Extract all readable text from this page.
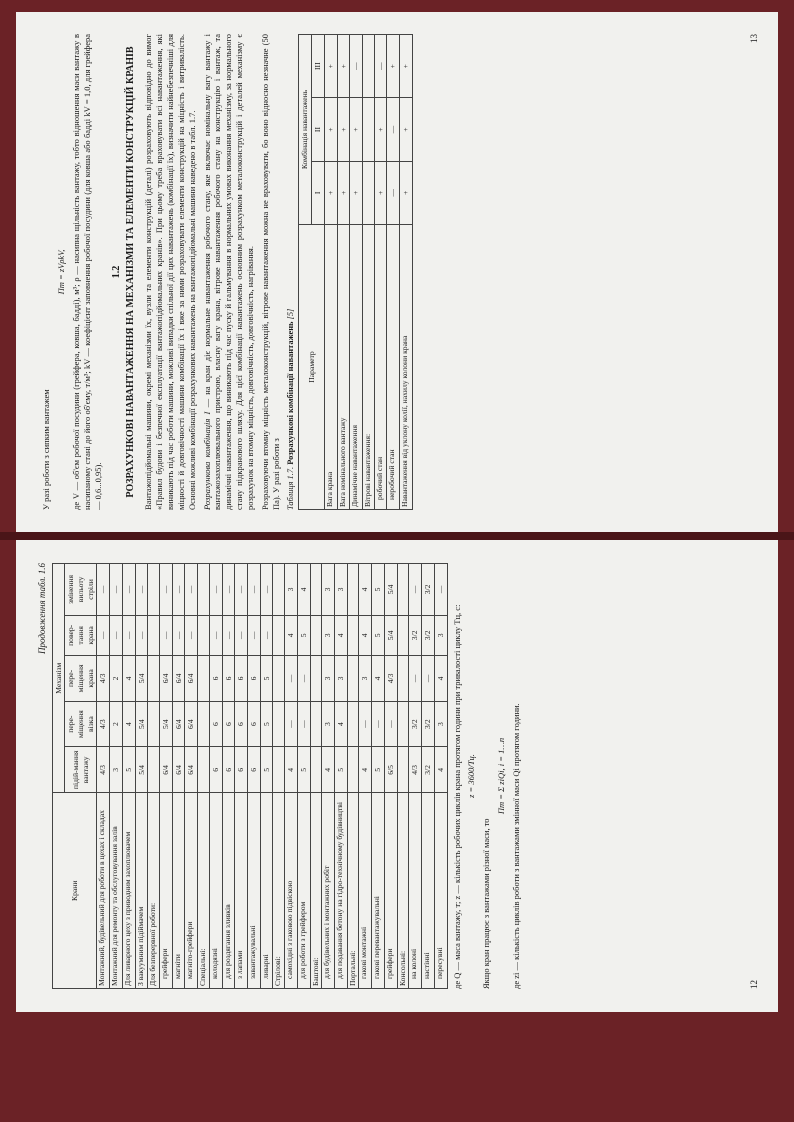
Продовження табл. 1.6
Крани	Механізм				
	підій-мання вантажу	пере-міщення візка	пере-міщення крана	повер-тання крана	змінення вильоту стріли
Монтажний, будівельний для роботи в цехах і складах	4/3	4/3	4/3	—	—
Монтажний для ремонту та обслуговування залів	3	2	2	—	—
Для ливарного цеху з приводним захоплювачем	5	4	4	—	—
З вакуумним підіймачем	5/4	5/4	5/4	—	—
Для безперервної роботи:					
грейфери	6/4	5/4	6/4	—	—
магніти	6/4	6/4	6/4	—	—
магніто-грейфери	6/4	6/4	6/4	—	—
Спеціальні:					
колодязні	6	6	6	—	—
для роздягання зливків	6	6	6	—	—
з лапами	6	6	6	—	—
завантажувальні	6	6	6	—	—
ливарні	5	5	5	—	—
Стрілові:					
самохідні з гаковою підвіскою	4	—	—	4	3
для роботи з грейфером	5	—	—	5	4
Баштові:					
для будівельних і монтажних робіт	4	3	3	3	3
для подавання бетону на гідро-технічному будівництві	5	4	3	4	3
Портальні:					
гакові монтажні	4	—	3	4	4
гакові перевантажувальні	5	—	4	5	5
грейфери	6/5	—	4/3	5/4	5/4
Консольні:					
на колоні	4/3	3/2	—	3/2	—
настінні	3/2	3/2	—	3/2	3/2
пересувні	4	3	4	3	—
де Q — маса вантажу, т; z — кількість робочих циклів крана протягом години при тривалості циклу Tц, с: z = 3600/Tц.
Якщо кран працює з вантажами різної маси, то
Пт = Σ ziQi, i = 1…n де zi — кількість циклів роботи з вантажами змінної маси Qi протягом години.	12
У разі роботи з сипким вантажем
Пт = zVρkV, де V — об'єм робочої посудини (грейфера, ковша, бадді), м³; ρ — насипна щільність вантажу, тобто відношення маси вантажу в насипаному стані до його об'єму, т/м³; kV — коефіцієнт заповнення робочої посудини (для ковша або бадді kV = 1,0, для грейфера — 0,6...0,95).
1.2 РОЗРАХУНКОВІ НАВАНТАЖЕННЯ НА МЕХАНІЗМИ ТА ЕЛЕМЕНТИ КОНСТРУКЦІЙ КРАНІВ Вантажопідйомальні машини, окремі механізми їх, вузли та елементи конструкцій (деталі) розраховують відповідно до вимог «Правил будови і безпечної експлуатації вантажопідйомальних кранів». При цьому треба враховувати всі навантаження, які виникають під час роботи машини, можливі випадки спільної дії цих навантажень (комбінації їх), визначити найнебезпечніші для міцності й довговічності машини комбінації їх і вже за ними розраховувати елементи конструкцій на міцність і витривалість. Основні можливі комбінації розрахункових навантажень на вантажопідйомальні машини наведено в табл. 1.7. Розрахункова комбінація I — на кран діє нормальне навантаження робочого стану, яке включає номінальну вагу вантажу і вантажозахоплювального пристрою, власну вагу крана, вітрове навантаження робочого стану на конструкцію і вантаж, та динамічні навантаження, що виникають під час пуску й гальмування в нормальних умовах виконання механізму, за нормального стану підкранового шляху. Для цієї комбінації навантажень основним розрахунком металоконструкцій і деталей механізму є розрахунок на втомну міцність, довговічність, довговічність, нагрівання. Розраховуючи втомну міцність металоконструкцій, вітрове навантаження можна не враховувати, бо воно відносно незначне (50 Па). У разі роботи з Таблиця 1.7. Розрахункові комбінації навантажень [5]
Параметр	Комбінація навантажень		
	I	II	III
Вага крана	+	+	+
Вага номінального вантажу	+	+	+
Динамічне навантаження	+	+	—
Вітрові навантаження:			
робочий стан	+	+	—
неробочий стан	—	—	+
Навантаження від уклону колії, нахилу колони крана	+	+	+
13
